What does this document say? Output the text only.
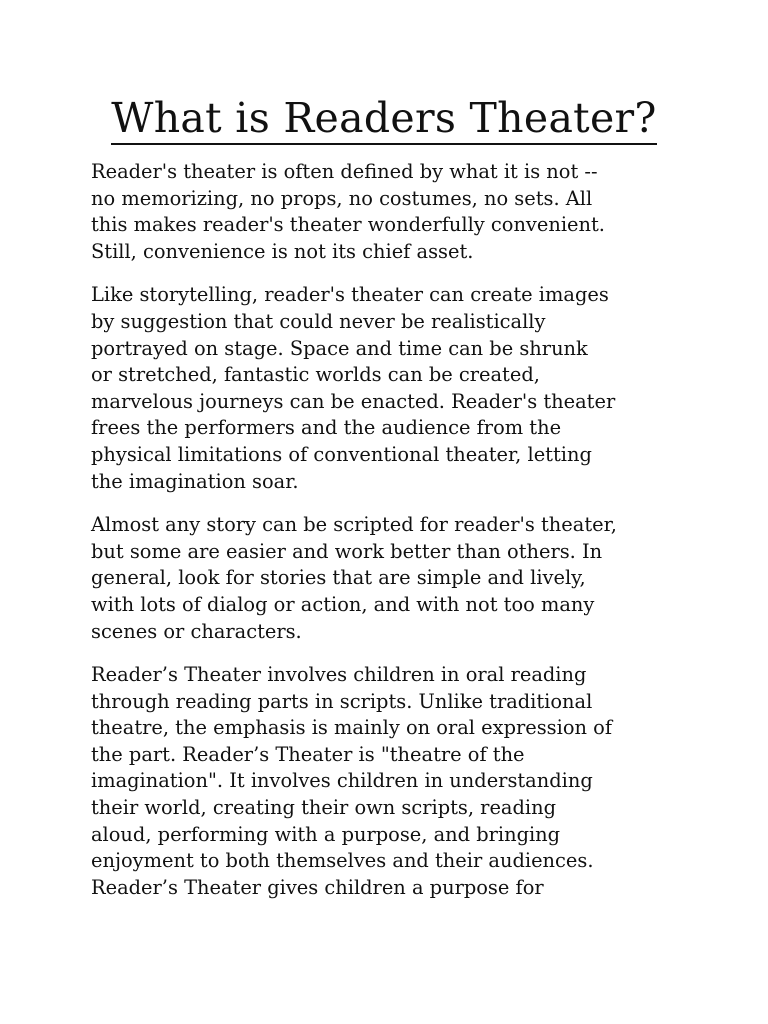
What is Readers Theater?

Reader's theater is often defined by what it is not --
no memorizing, no props, no costumes, no sets. All
this makes reader's theater wonderfully convenient.
Still, convenience is not its chief asset.

Like storytelling, reader's theater can create images
by suggestion that could never be realistically
portrayed on stage. Space and time can be shrunk
or stretched, fantastic worlds can be created,
marvelous journeys can be enacted. Reader's theater
frees the performers and the audience from the
physical limitations of conventional theater, letting
the imagination soar.

Almost any story can be scripted for reader's theater,
but some are easier and work better than others. In
general, look for stories that are simple and lively,
with lots of dialog or action, and with not too many
scenes or characters.

Reader’s Theater involves children in oral reading
through reading parts in scripts. Unlike traditional
theatre, the emphasis is mainly on oral expression of
the part. Reader’s Theater is "theatre of the
imagination". It involves children in understanding
their world, creating their own scripts, reading
aloud, performing with a purpose, and bringing
enjoyment to both themselves and their audiences.
Reader’s Theater gives children a purpose for
